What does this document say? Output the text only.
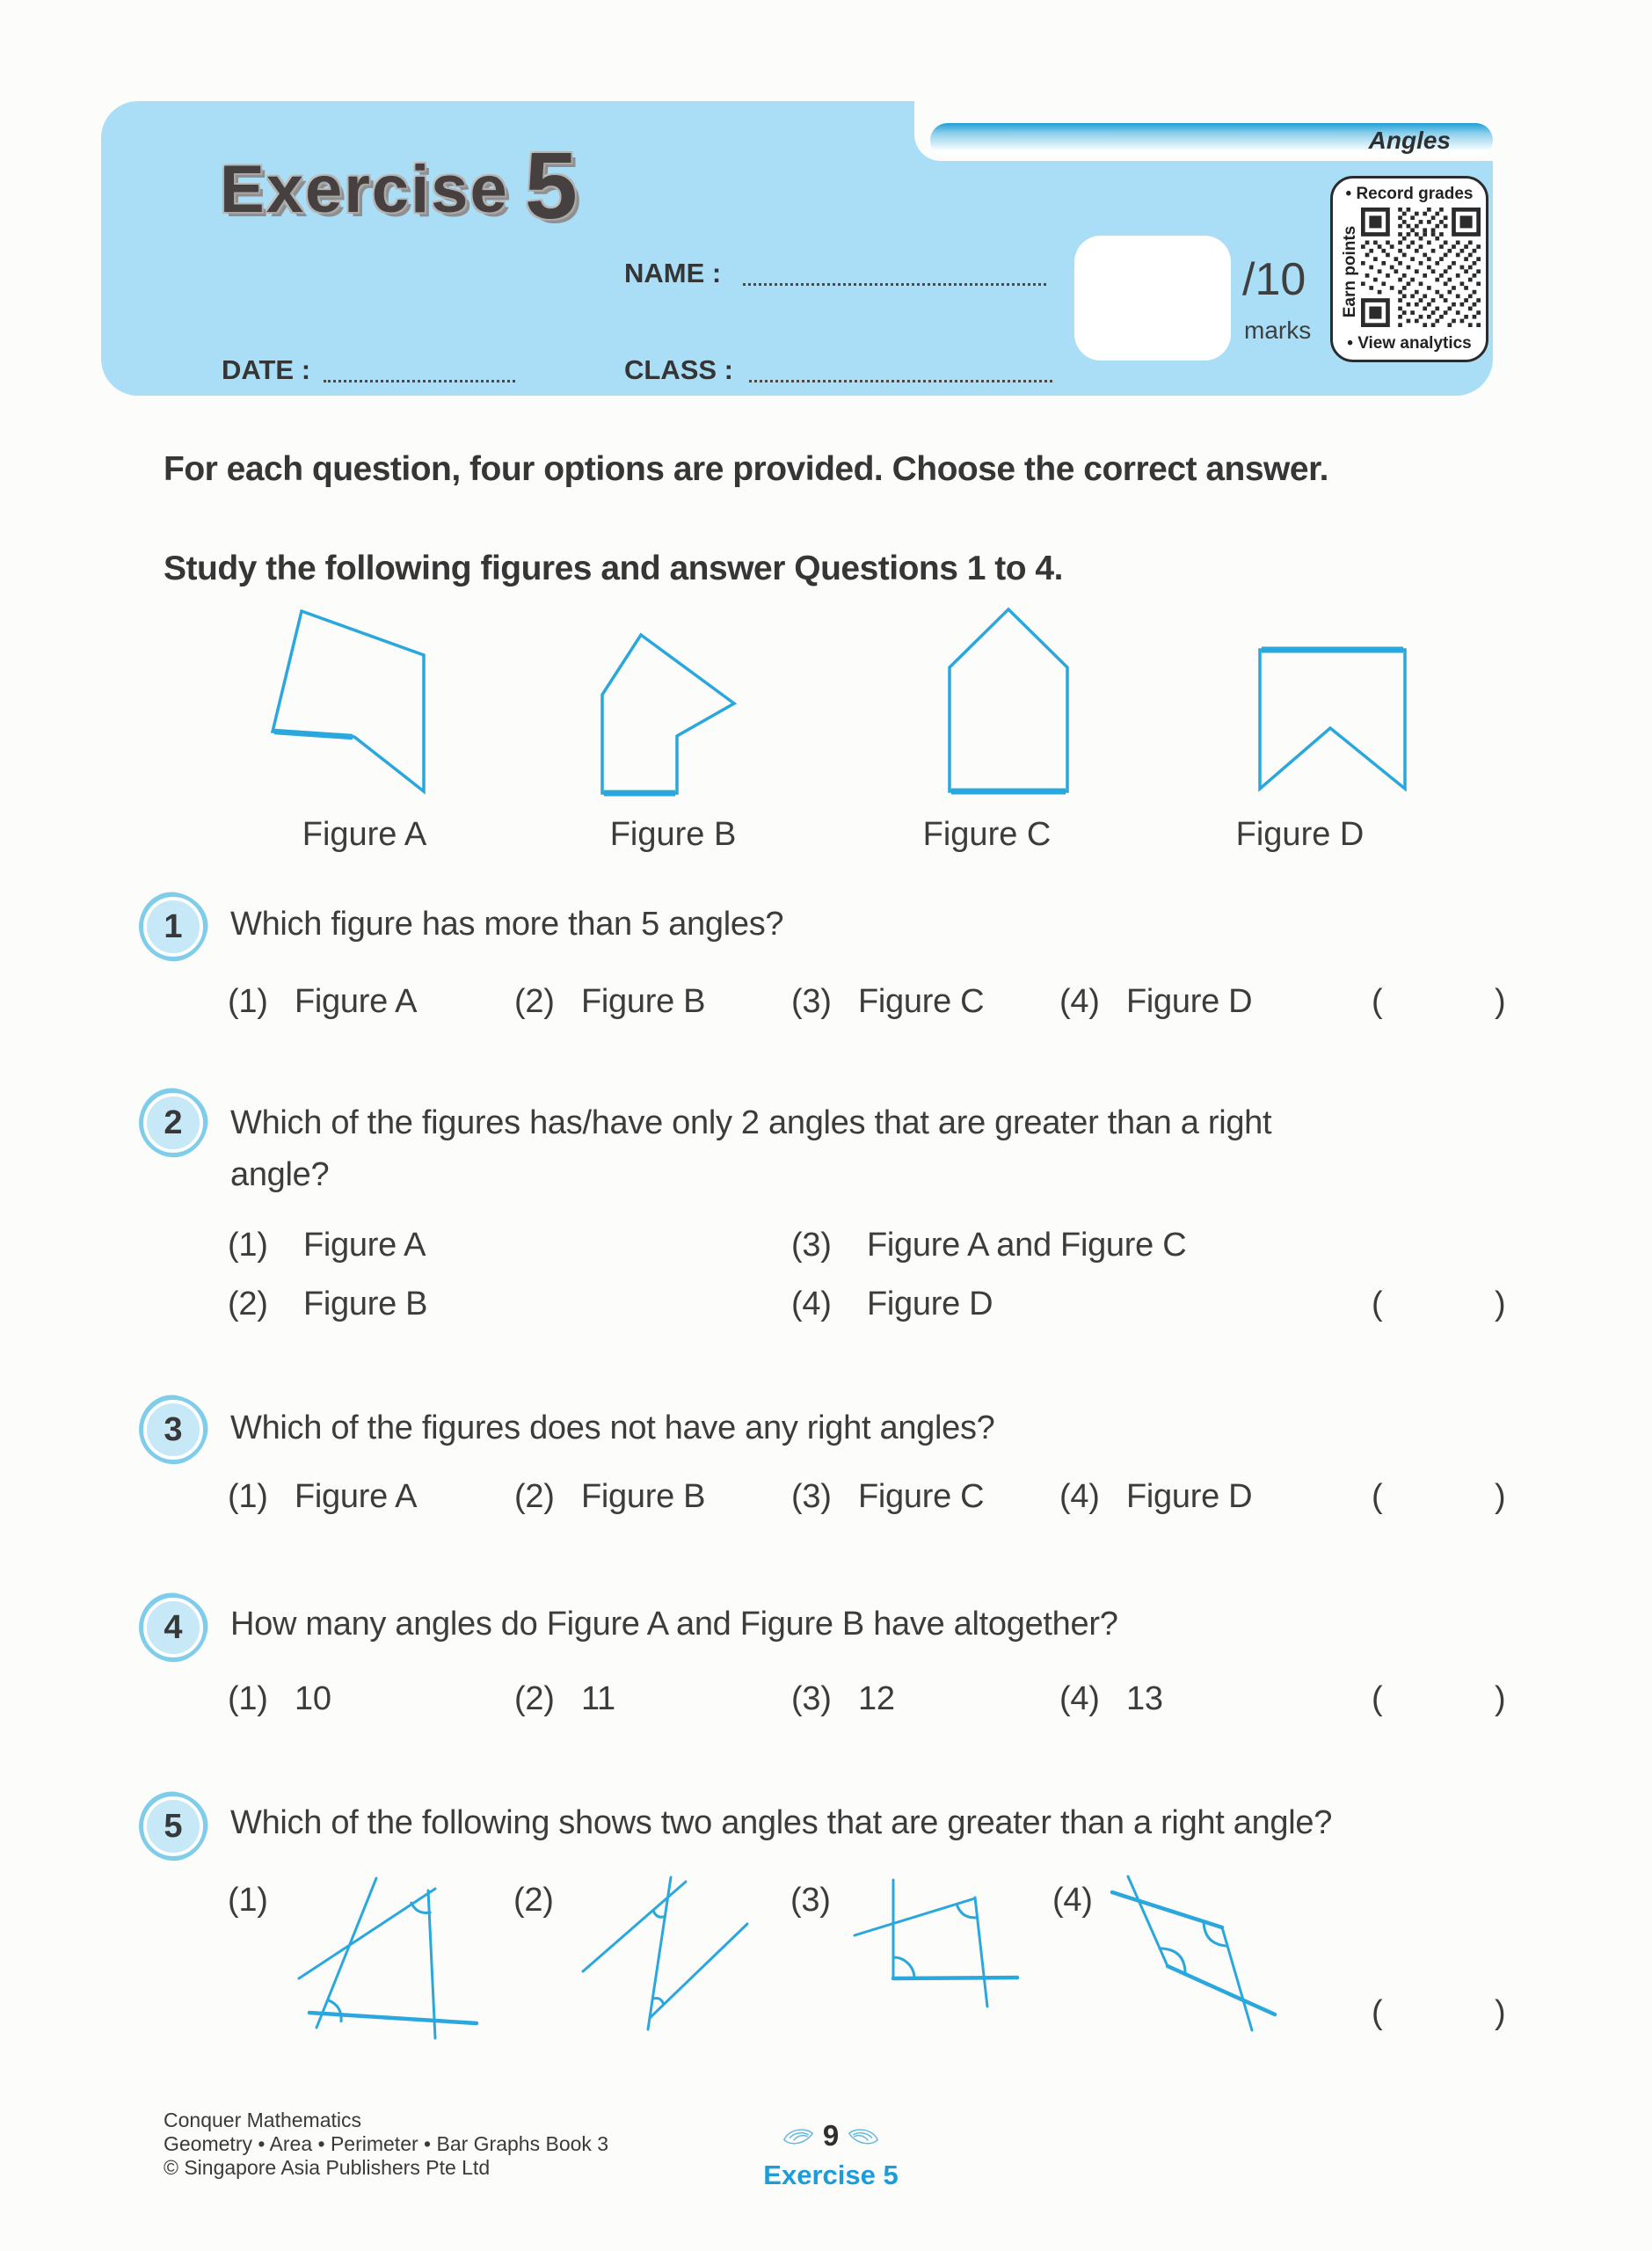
Angles
Exercise 5
NAME :
DATE :	CLASS :
/10
marks
• Record grades
Earn points
• View analytics
For each question, four options are provided. Choose the correct answer.
Study the following figures and answer Questions 1 to 4.
Figure A	Figure B	Figure C	Figure D
1 Which figure has more than 5 angles?
(1) Figure A	(2) Figure B	(3) Figure C (4) Figure D	(	)
2 Which of the figures has/have only 2 angles that are greater than a right
angle?
(1) Figure A	(3) Figure A and Figure C
(2) Figure B	(4) Figure D	(	)
3 Which of the figures does not have any right angles?
(1) Figure A	(2) Figure B	(3) Figure C (4) Figure D	(	)
4 How many angles do Figure A and Figure B have altogether?
(1) 10	(2) 11	(3) 12	(4) 13	(	)
5 Which of the following shows two angles that are greater than a right angle?
(1)	(2)	(3)	(4)
(	)
Conquer Mathematics
Geometry • Area • Perimeter • Bar Graphs Book 3
© Singapore Asia Publishers Pte Ltd
9
Exercise 5
